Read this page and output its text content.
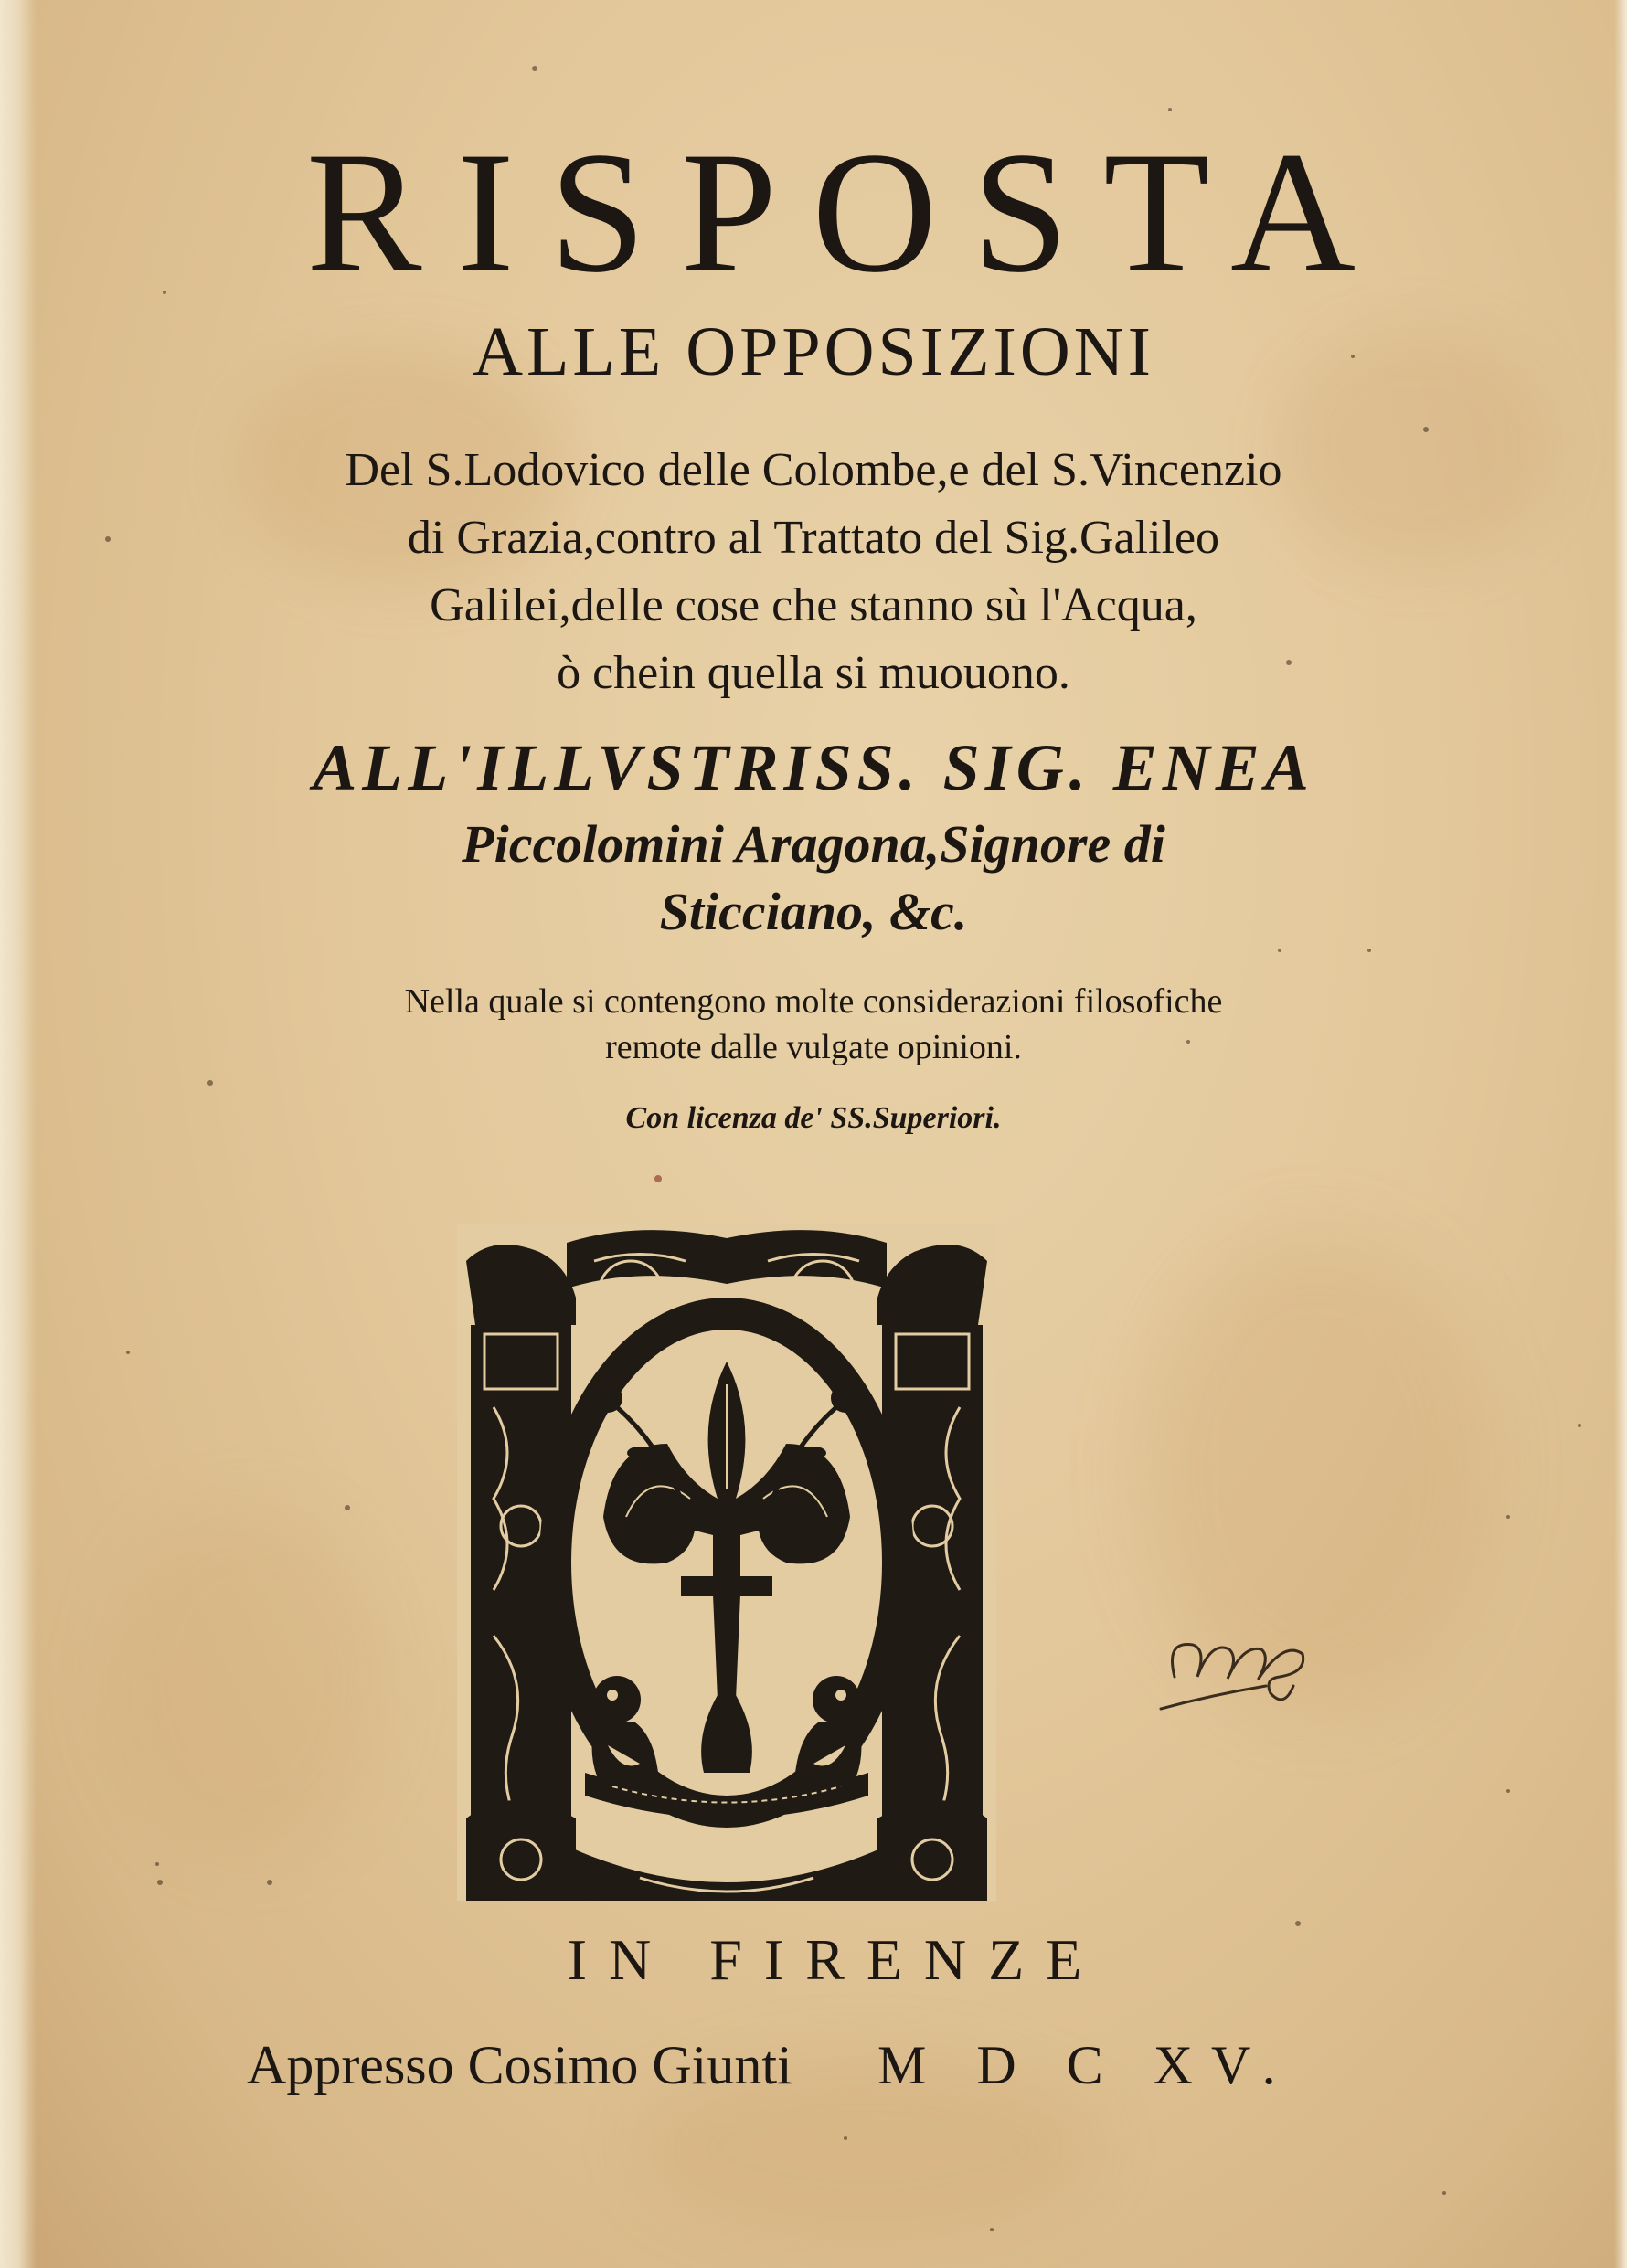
RISPOSTA
ALLE OPPOSIZIONI
Del S.Lodovico delle Colombe,e del S.Vincenzio
di Grazia,contro al Trattato del Sig.Galileo
Galilei,delle cose che stanno sù l'Acqua,
ò chein quella si muouono.
ALL'ILLVSTRISS. SIG. ENEA
Piccolomini Aragona,Signore di
Sticciano, &c.
Nella quale si contengono molte considerazioni filosofiche
remote dalle vulgate opinioni.
Con licenza de' SS.Superiori.
IN FIRENZE
Appresso Cosimo Giunti M D C XV.
